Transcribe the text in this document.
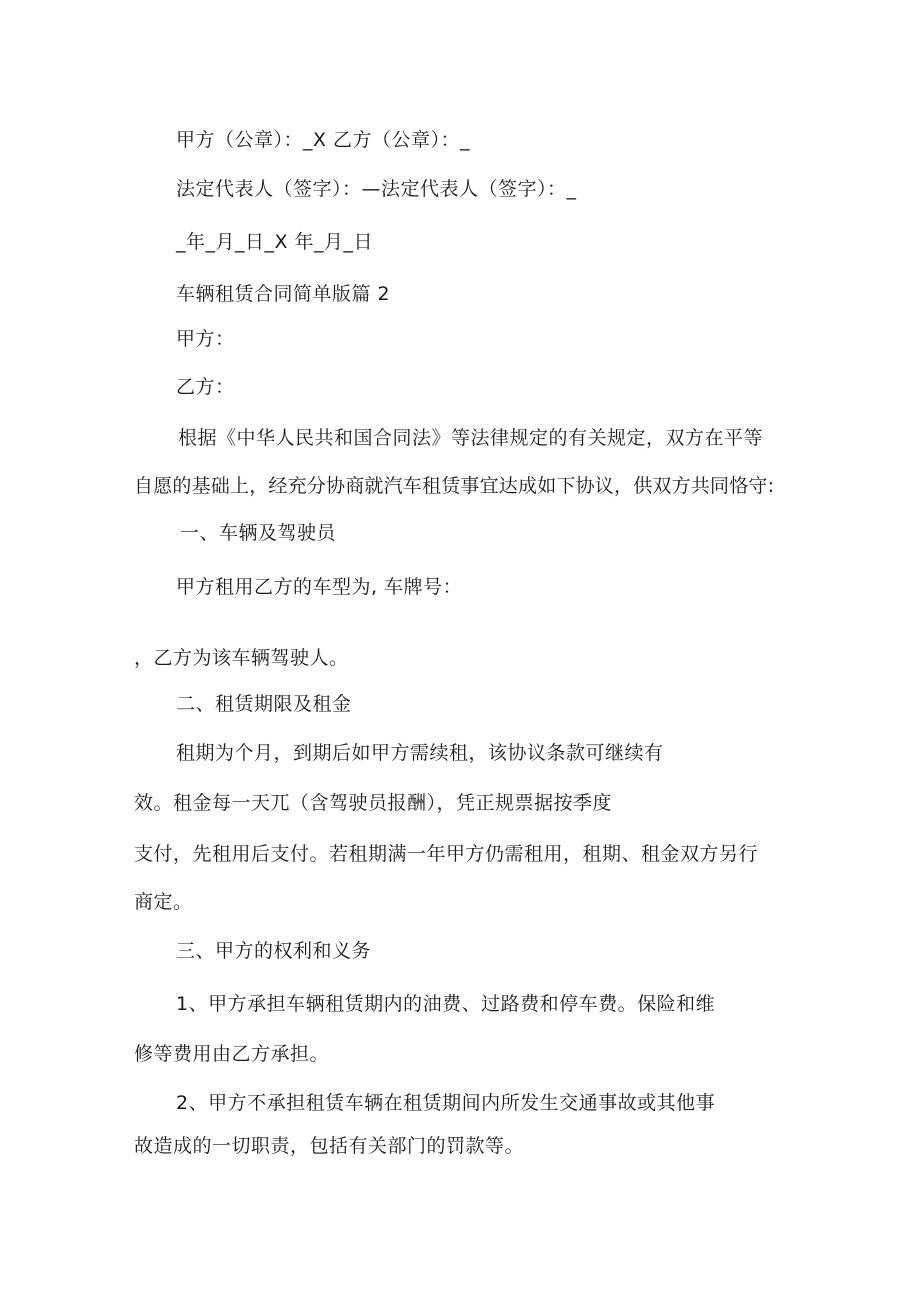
甲方（公章）：_X 乙方（公章）：_
法定代表人（签字）：—法定代表人（签字）：_
_年_月_日_X 年_月_日
车辆租赁合同简单版篇 2
甲方：
乙方：
根据《中华人民共和国合同法》等法律规定的有关规定，双方在平等
自愿的基础上，经充分协商就汽车租赁事宜达成如下协议，供双方共同恪守:
一、车辆及驾驶员
甲方租用乙方的车型为, 车牌号：
，乙方为该车辆驾驶人。
二、租赁期限及租金
租期为个月，到期后如甲方需续租，该协议条款可继续有
效。租金每一天兀（含驾驶员报酬），凭正规票据按季度
支付，先租用后支付。若租期满一年甲方仍需租用，租期、租金双方另行
商定。
三、甲方的权利和义务
1、甲方承担车辆租赁期内的油费、过路费和停车费。保险和维
修等费用由乙方承担。
2、甲方不承担租赁车辆在租赁期间内所发生交通事故或其他事
故造成的一切职责，包括有关部门的罚款等。
